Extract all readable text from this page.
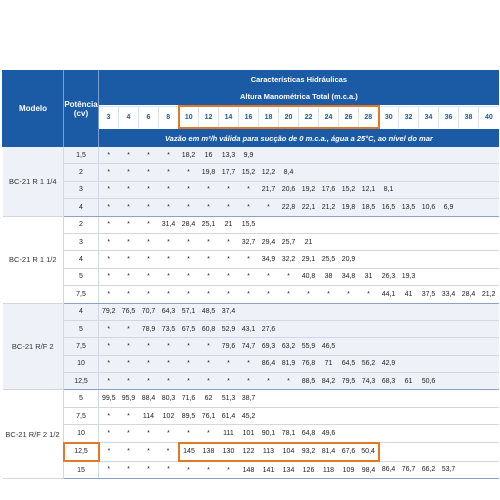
Modelo	Potência (cv)	Características Hidráulicas																			
		Altura Manométrica Total (m.c.a.)																			
		3	4	6	8	10	12	14	16	18	20	22	24	26	28	30	32	34	36	38	40
		Vazão em m³/h válida para sucção de 0 m.c.a., água a 25°C, ao nível do mar																			
BC-21 R 1 1/4	1,5	*	*	*	*	18,2	16	13,3	9,9												
	2	*	*	*	*	*	19,8	17,7	15,2	12,2	8,4										
	3	*	*	*	*	*	*	*	*	21,7	20,6	19,2	17,6	15,2	12,1	8,1					
	4	*	*	*	*	*	*	*	*	*	22,8	22,1	21,2	19,8	18,5	16,5	13,5	10,6	6,9		
BC-21 R 1 1/2	2	*	*	*	31,4	28,4	25,1	21	15,5												
	3	*	*	*	*	*	*	*	32,7	29,4	25,7	21									
	4	*	*	*	*	*	*	*	*	34,9	32,2	29,1	25,5	20,9							
	5	*	*	*	*	*	*	*	*	*	*	40,8	38	34,8	31	26,3	19,3				
	7,5	*	*	*	*	*	*	*	*	*	*	*	*	*	*	44,1	41	37,5	33,4	28,4	21,2
BC-21 R/F 2	4	79,2	76,5	70,7	64,3	57,1	48,5	37,4													
	5	*	*	78,9	73,5	67,5	60,8	52,9	43,1	27,6											
	7,5	*	*	*	*	*	*	79,6	74,7	69,3	63,2	55,9	46,5								
	10	*	*	*	*	*	*	*	*	86,4	81,9	76,8	71	64,5	56,2	42,9					
	12,5	*	*	*	*	*	*	*	*	*	*	88,5	84,2	79,5	74,3	68,3	61	50,6			
BC-21 R/F 2 1/2	5	99,5	95,9	88,4	80,3	71,6	62	51,3	38,7												
	7,5	*	*	114	102	89,5	76,1	61,4	45,2												
	10	*	*	*	*	*	*	111	101	90,1	78,1	64,8	49,6								
	12,5	*	*	*	*	145	138	130	122	113	104	93,2	81,4	67,6	50,4						
	15	*	*	*	*	*	*	*	148	141	134	126	118	109	98,4	86,4	76,7	66,2	53,7		
